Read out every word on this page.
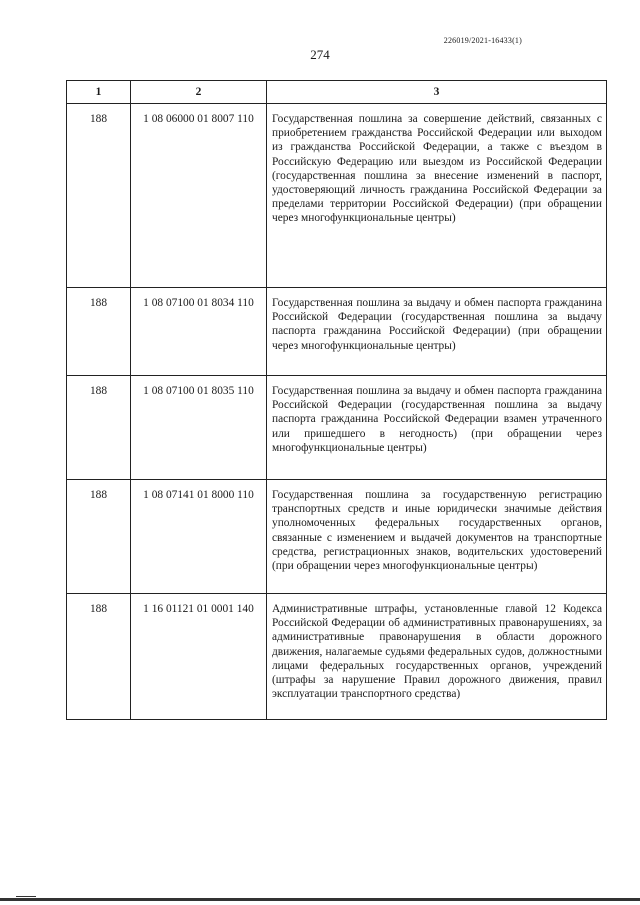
226019/2021-16433(1)
274
1	2	3
188	1 08 06000 01 8007 110	Государственная пошлина за совершение действий, связанных с приобретением гражданства Российской Федерации или выходом из гражданства Российской Федерации, а также с въездом в Российскую Федерацию или выездом из Российской Федерации (государственная пошлина за внесение изменений в паспорт, удостоверяющий личность гражданина Российской Федерации за пределами территории Российской Федерации) (при обращении через многофункциональные центры)
188	1 08 07100 01 8034 110	Государственная пошлина за выдачу и обмен паспорта гражданина Российской Федерации (государственная пошлина за выдачу паспорта гражданина Российской Федерации) (при обращении через многофункциональные центры)
188	1 08 07100 01 8035 110	Государственная пошлина за выдачу и обмен паспорта гражданина Российской Федерации (государственная пошлина за выдачу паспорта гражданина Российской Федерации взамен утраченного или пришедшего в негодность) (при обращении через многофункциональные центры)
188	1 08 07141 01 8000 110	Государственная пошлина за государственную регистрацию транспортных средств и иные юридически значимые действия уполномоченных федеральных государственных органов, связанные с изменением и выдачей документов на транспортные средства, регистрационных знаков, водительских удостоверений (при обращении через многофункциональные центры)
188	1 16 01121 01 0001 140	Административные штрафы, установленные главой 12 Кодекса Российской Федерации об административных правонарушениях, за административные правонарушения в области дорожного движения, налагаемые судьями федеральных судов, должностными лицами федеральных государственных органов, учреждений (штрафы за нарушение Правил дорожного движения, правил эксплуатации транспортного средства)
